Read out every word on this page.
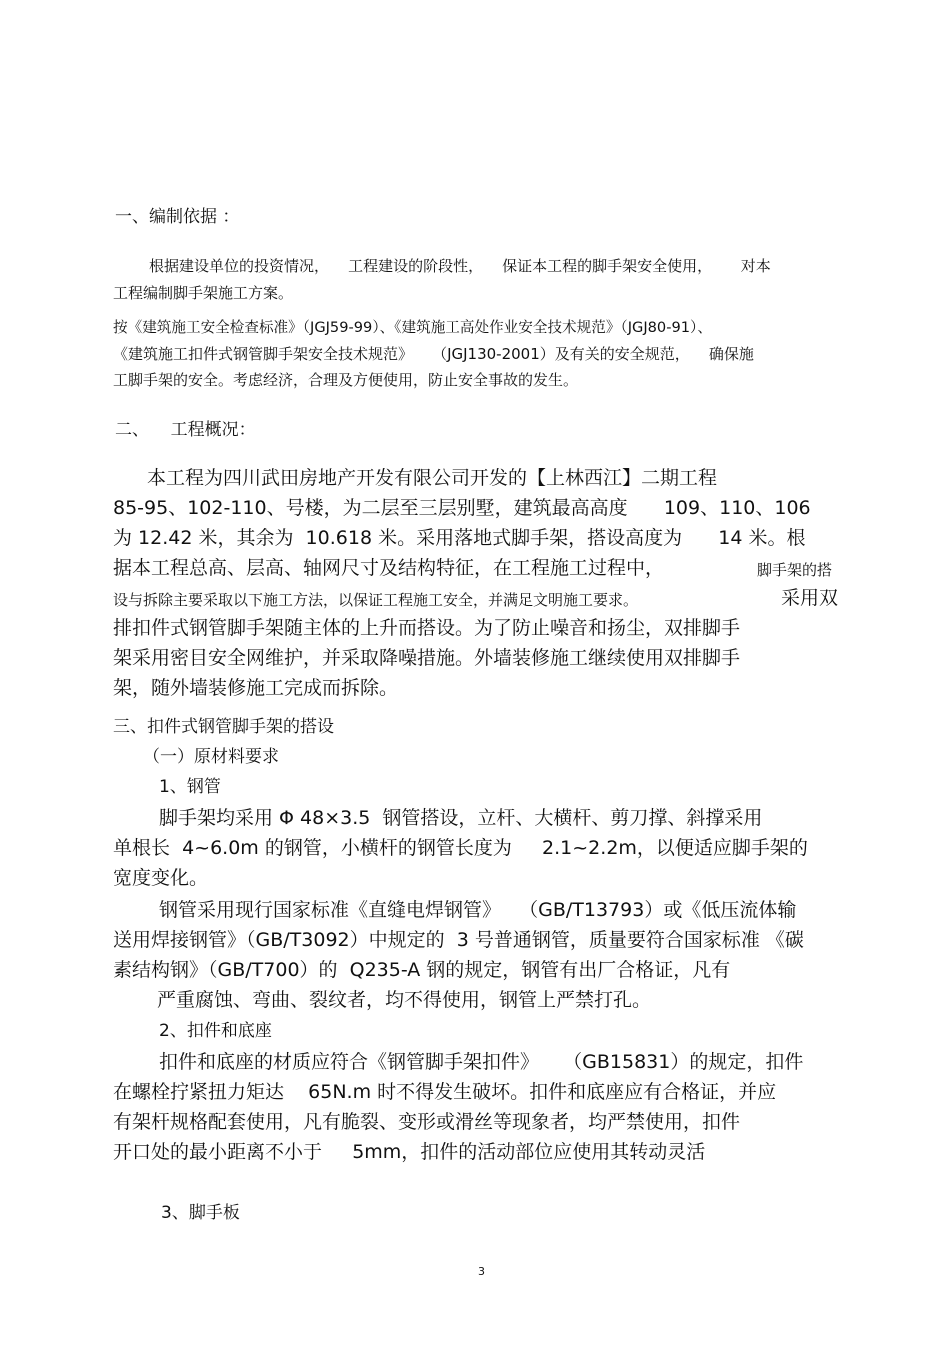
一、编制依据 ：
根据建设单位的投资情况，    工程建设的阶段性，    保证本工程的脚手架安全使用，      对本
工程编制脚手架施工方案。
按《建筑施工安全检查标准》（JGJ59-99）、《建筑施工高处作业安全技术规范》（JGJ80-91）、
《建筑施工扣件式钢管脚手架安全技术规范》    （JGJ130-2001）及有关的安全规范，    确保施
工脚手架的安全。考虑经济，合理及方便使用，防止安全事故的发生。
二、    工程概况：
本工程为四川武田房地产开发有限公司开发的【上林西江】二期工程
85-95、102-110、号楼，为二层至三层别墅，建筑最高高度      109、110、106
为 12.42 米，其余为  10.618 米。采用落地式脚手架，搭设高度为      14 米。根
据本工程总高、层高、轴网尺寸及结构特征，在工程施工过程中，	脚手架的搭
设与拆除主要采取以下施工方法，以保证工程施工安全，并满足文明施工要求。	采用双
排扣件式钢管脚手架随主体的上升而搭设。为了防止噪音和扬尘，双排脚手
架采用密目安全网维护，并采取降噪措施。外墙装修施工继续使用双排脚手
架，随外墙装修施工完成而拆除。
三、扣件式钢管脚手架的搭设
（一）原材料要求
1、钢管
脚手架均采用 Φ 48×3.5  钢管搭设，立杆、大横杆、剪刀撑、斜撑采用
单根长  4~6.0m 的钢管，小横杆的钢管长度为     2.1~2.2m，以便适应脚手架的
宽度变化。
钢管采用现行国家标准《直缝电焊钢管》   （GB/T13793）或《低压流体输
送用焊接钢管》（GB/T3092）中规定的  3 号普通钢管，质量要符合国家标准 《碳
素结构钢》（GB/T700）的  Q235-A 钢的规定，钢管有出厂合格证，凡有
严重腐蚀、弯曲、裂纹者，均不得使用，钢管上严禁打孔。
2、扣件和底座
扣件和底座的材质应符合《钢管脚手架扣件》    （GB15831）的规定，扣件
在螺栓拧紧扭力矩达    65N.m 时不得发生破坏。扣件和底座应有合格证，并应
有架杆规格配套使用，凡有脆裂、变形或滑丝等现象者，均严禁使用，扣件
开口处的最小距离不小于     5mm，扣件的活动部位应使用其转动灵活
3、脚手板
3
